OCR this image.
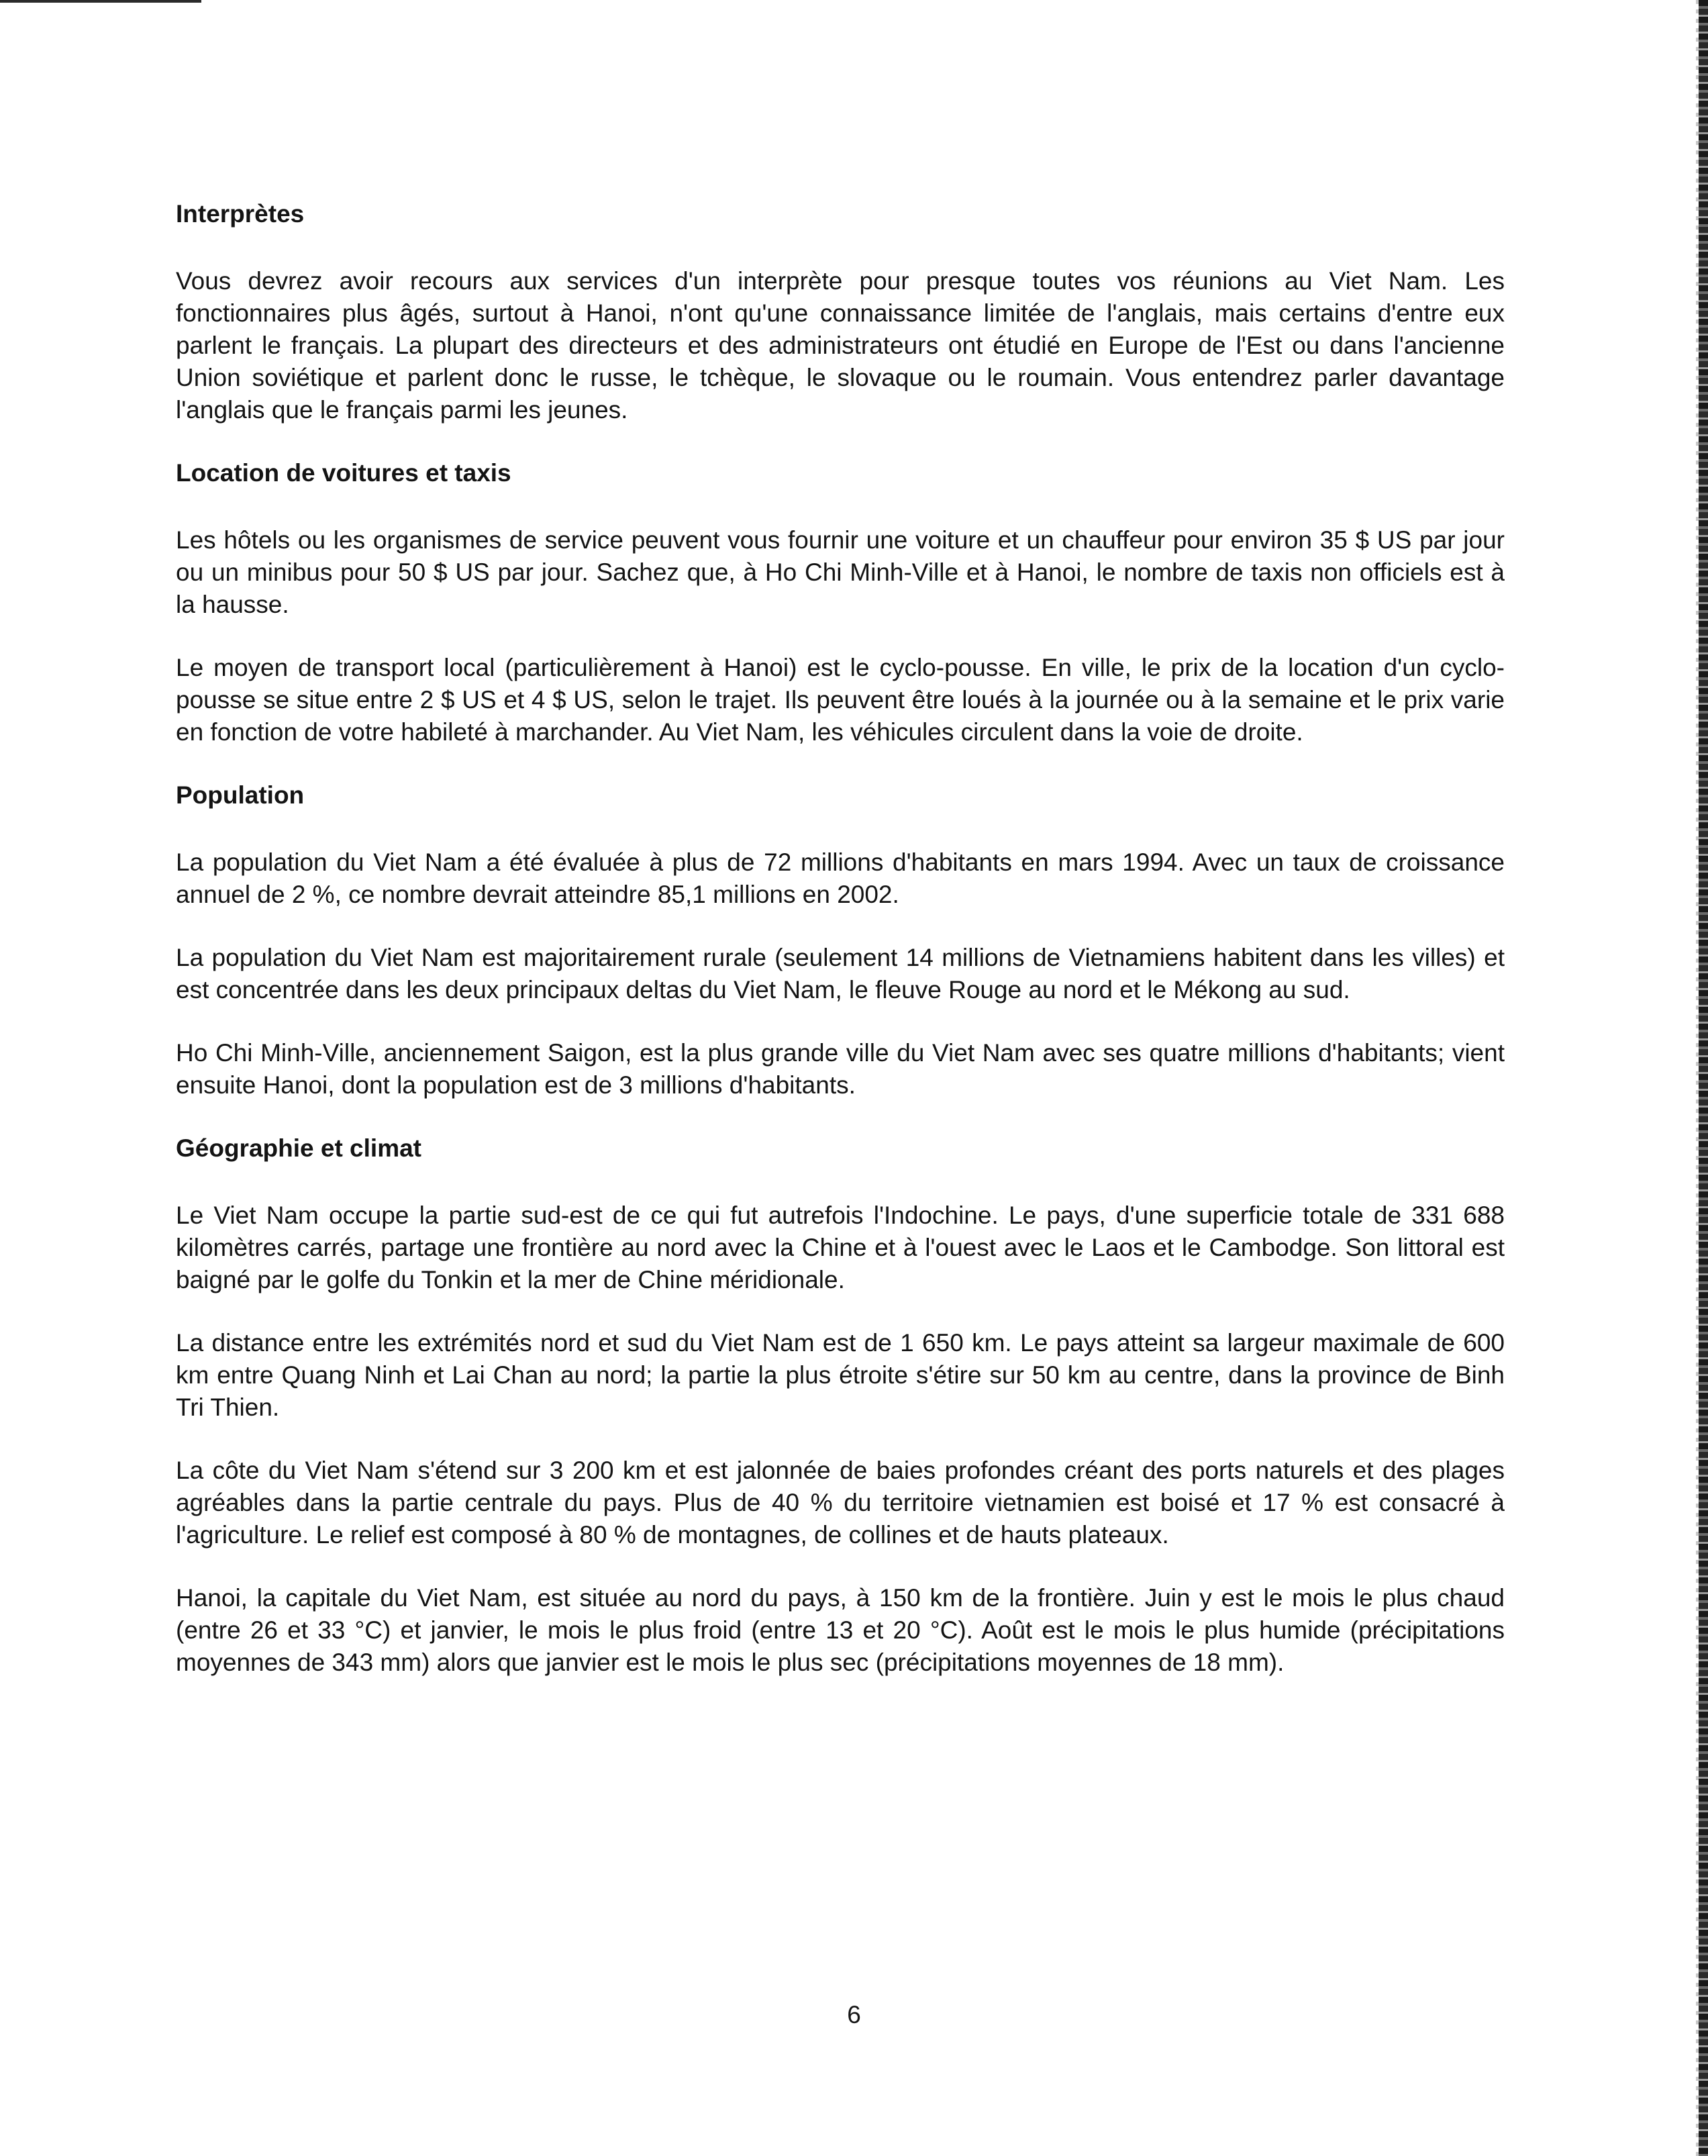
Interprètes

Vous devrez avoir recours aux services d'un interprète pour presque toutes vos réunions au Viet Nam. Les fonctionnaires plus âgés, surtout à Hanoi, n'ont qu'une connaissance limitée de l'anglais, mais certains d'entre eux parlent le français. La plupart des directeurs et des administrateurs ont étudié en Europe de l'Est ou dans l'ancienne Union soviétique et parlent donc le russe, le tchèque, le slovaque ou le roumain. Vous entendrez parler davantage l'anglais que le français parmi les jeunes.

Location de voitures et taxis

Les hôtels ou les organismes de service peuvent vous fournir une voiture et un chauffeur pour environ 35 $ US par jour ou un minibus pour 50 $ US par jour. Sachez que, à Ho Chi Minh-Ville et à Hanoi, le nombre de taxis non officiels est à la hausse.

Le moyen de transport local (particulièrement à Hanoi) est le cyclo-pousse. En ville, le prix de la location d'un cyclo-pousse se situe entre 2 $ US et 4 $ US, selon le trajet. Ils peuvent être loués à la journée ou à la semaine et le prix varie en fonction de votre habileté à marchander. Au Viet Nam, les véhicules circulent dans la voie de droite.

Population

La population du Viet Nam a été évaluée à plus de 72 millions d'habitants en mars 1994. Avec un taux de croissance annuel de 2 %, ce nombre devrait atteindre 85,1 millions en 2002.

La population du Viet Nam est majoritairement rurale (seulement 14 millions de Vietnamiens habitent dans les villes) et est concentrée dans les deux principaux deltas du Viet Nam, le fleuve Rouge au nord et le Mékong au sud.

Ho Chi Minh-Ville, anciennement Saigon, est la plus grande ville du Viet Nam avec ses quatre millions d'habitants; vient ensuite Hanoi, dont la population est de 3 millions d'habitants.

Géographie et climat

Le Viet Nam occupe la partie sud-est de ce qui fut autrefois l'Indochine. Le pays, d'une superficie totale de 331 688 kilomètres carrés, partage une frontière au nord avec la Chine et à l'ouest avec le Laos et le Cambodge. Son littoral est baigné par le golfe du Tonkin et la mer de Chine méridionale.

La distance entre les extrémités nord et sud du Viet Nam est de 1 650 km. Le pays atteint sa largeur maximale de 600 km entre Quang Ninh et Lai Chan au nord; la partie la plus étroite s'étire sur 50 km au centre, dans la province de Binh Tri Thien.

La côte du Viet Nam s'étend sur 3 200 km et est jalonnée de baies profondes créant des ports naturels et des plages agréables dans la partie centrale du pays. Plus de 40 % du territoire vietnamien est boisé et 17 % est consacré à l'agriculture. Le relief est composé à 80 % de montagnes, de collines et de hauts plateaux.

Hanoi, la capitale du Viet Nam, est située au nord du pays, à 150 km de la frontière. Juin y est le mois le plus chaud (entre 26 et 33 °C) et janvier, le mois le plus froid (entre 13 et 20 °C). Août est le mois le plus humide (précipitations moyennes de 343 mm) alors que janvier est le mois le plus sec (précipitations moyennes de 18 mm).

6
